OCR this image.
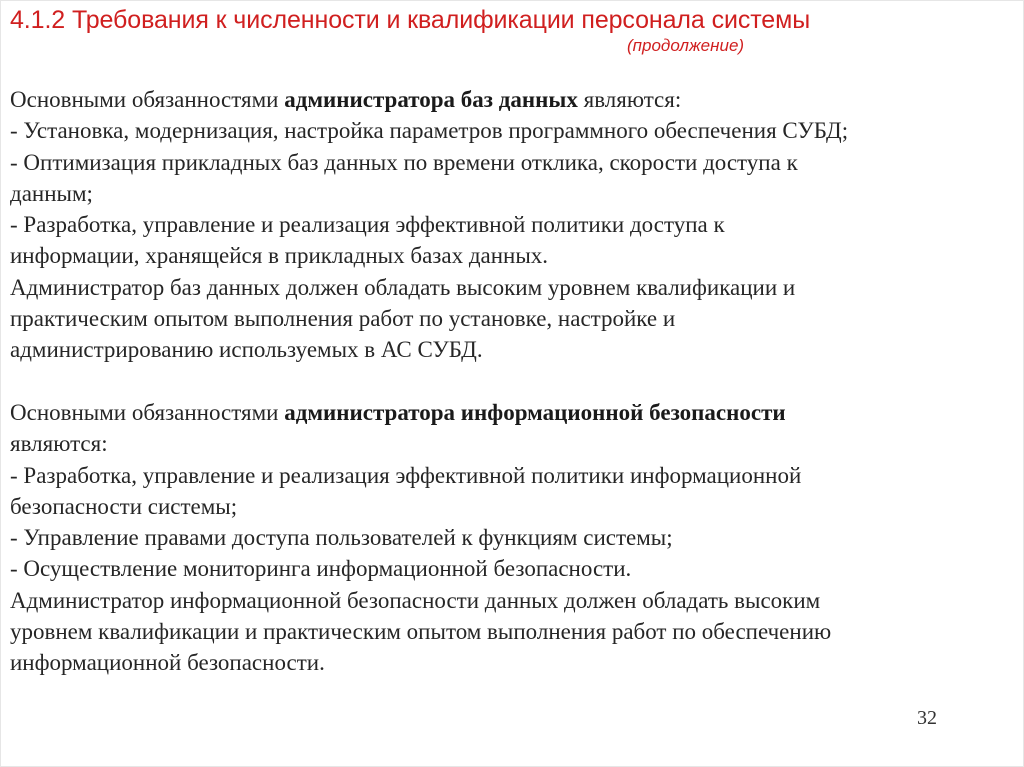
4.1.2 Требования к численности и квалификации персонала системы
(продолжение)
Основными обязанностями администратора баз данных являются:
- Установка, модернизация, настройка параметров программного обеспечения СУБД;
- Оптимизация прикладных баз данных по времени отклика, скорости доступа к
данным;
- Разработка, управление и реализация эффективной политики доступа к
информации, хранящейся в прикладных базах данных.
Администратор баз данных должен обладать высоким уровнем квалификации и
практическим опытом выполнения работ по установке, настройке и
администрированию используемых в АС СУБД.
Основными обязанностями администратора информационной безопасности
являются:
- Разработка, управление и реализация эффективной политики информационной
безопасности системы;
- Управление правами доступа пользователей к функциям системы;
- Осуществление мониторинга информационной безопасности.
Администратор информационной безопасности данных должен обладать высоким
уровнем квалификации и практическим опытом выполнения работ по обеспечению
информационной безопасности.
32
